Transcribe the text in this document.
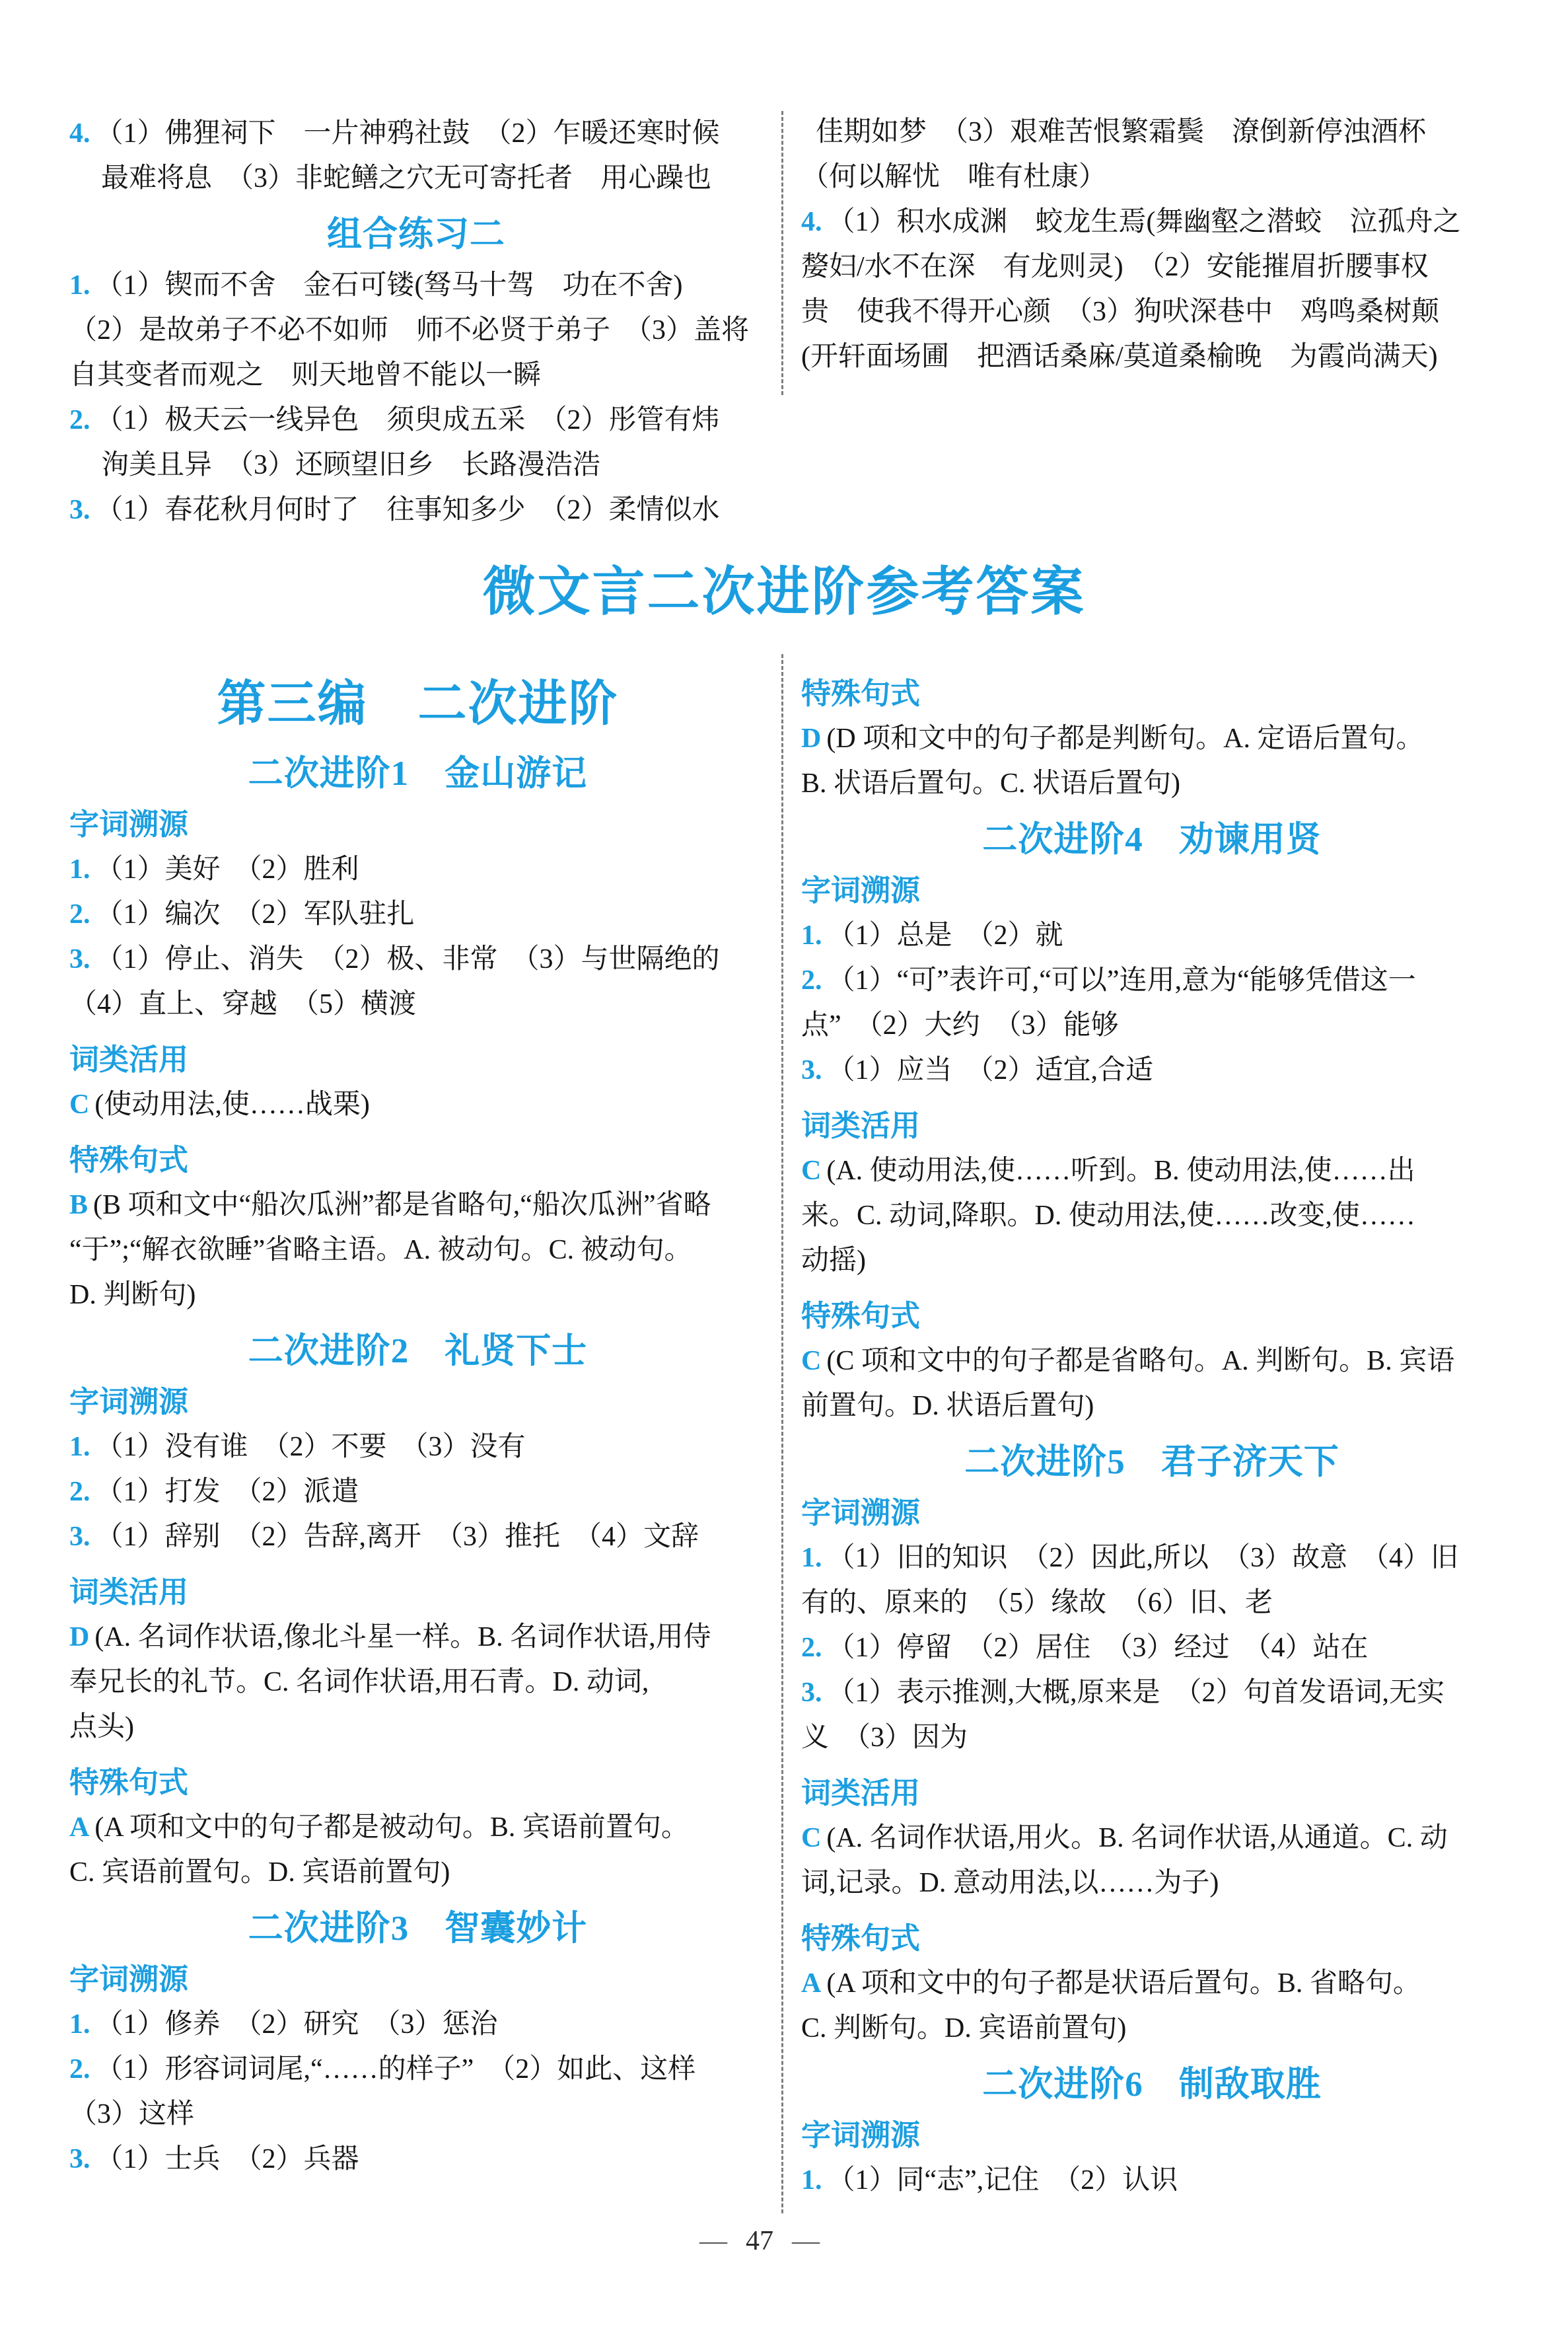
4. （1）佛狸祠下　一片神鸦社鼓　（2）乍暖还寒时候
最难将息　（3）非蛇鳝之穴无可寄托者　用心躁也
组合练习二
1. （1）锲而不舍　金石可镂(驽马十驾　功在不舍)
（2）是故弟子不必不如师　师不必贤于弟子　（3）盖将
自其变者而观之　则天地曾不能以一瞬
2. （1）极天云一线异色　须臾成五采　（2）彤管有炜
洵美且异　（3）还顾望旧乡　长路漫浩浩
3. （1）春花秋月何时了　往事知多少　（2）柔情似水
佳期如梦　（3）艰难苦恨繁霜鬓　潦倒新停浊酒杯
（何以解忧　唯有杜康）
4. （1）积水成渊　蛟龙生焉(舞幽壑之潜蛟　泣孤舟之
嫠妇/水不在深　有龙则灵)　（2）安能摧眉折腰事权
贵　使我不得开心颜　（3）狗吠深巷中　鸡鸣桑树颠
(开轩面场圃　把酒话桑麻/莫道桑榆晚　为霞尚满天)
微文言二次进阶参考答案
第三编　二次进阶
二次进阶1　金山游记
字词溯源
1. （1）美好　（2）胜利
2. （1）编次　（2）军队驻扎
3. （1）停止、消失　（2）极、非常　（3）与世隔绝的
（4）直上、穿越　（5）横渡
词类活用
C (使动用法,使……战栗)
特殊句式
B (B 项和文中“船次瓜洲”都是省略句,“船次瓜洲”省略
“于”;“解衣欲睡”省略主语。A. 被动句。C. 被动句。
D. 判断句)
二次进阶2　礼贤下士
字词溯源
1. （1）没有谁　（2）不要　（3）没有
2. （1）打发　（2）派遣
3. （1）辞别　（2）告辞,离开　（3）推托　（4）文辞
词类活用
D (A. 名词作状语,像北斗星一样。B. 名词作状语,用侍
奉兄长的礼节。C. 名词作状语,用石青。D. 动词,
点头)
特殊句式
A (A 项和文中的句子都是被动句。B. 宾语前置句。
C. 宾语前置句。D. 宾语前置句)
二次进阶3　智囊妙计
字词溯源
1. （1）修养　（2）研究　（3）惩治
2. （1）形容词词尾,“……的样子”　（2）如此、这样
（3）这样
3. （1）士兵　（2）兵器
特殊句式
D (D 项和文中的句子都是判断句。A. 定语后置句。
B. 状语后置句。C. 状语后置句)
二次进阶4　劝谏用贤
字词溯源
1. （1）总是　（2）就
2. （1）“可”表许可,“可以”连用,意为“能够凭借这一
点”　（2）大约　（3）能够
3. （1）应当　（2）适宜,合适
词类活用
C (A. 使动用法,使……听到。B. 使动用法,使……出
来。C. 动词,降职。D. 使动用法,使……改变,使……
动摇)
特殊句式
C (C 项和文中的句子都是省略句。A. 判断句。B. 宾语
前置句。D. 状语后置句)
二次进阶5　君子济天下
字词溯源
1. （1）旧的知识　（2）因此,所以　（3）故意　（4）旧
有的、原来的　（5）缘故　（6）旧、老
2. （1）停留　（2）居住　（3）经过　（4）站在
3. （1）表示推测,大概,原来是　（2）句首发语词,无实
义　（3）因为
词类活用
C (A. 名词作状语,用火。B. 名词作状语,从通道。C. 动
词,记录。D. 意动用法,以……为子)
特殊句式
A (A 项和文中的句子都是状语后置句。B. 省略句。
C. 判断句。D. 宾语前置句)
二次进阶6　制敌取胜
字词溯源
1. （1）同“志”,记住　（2）认识
— 47 —
